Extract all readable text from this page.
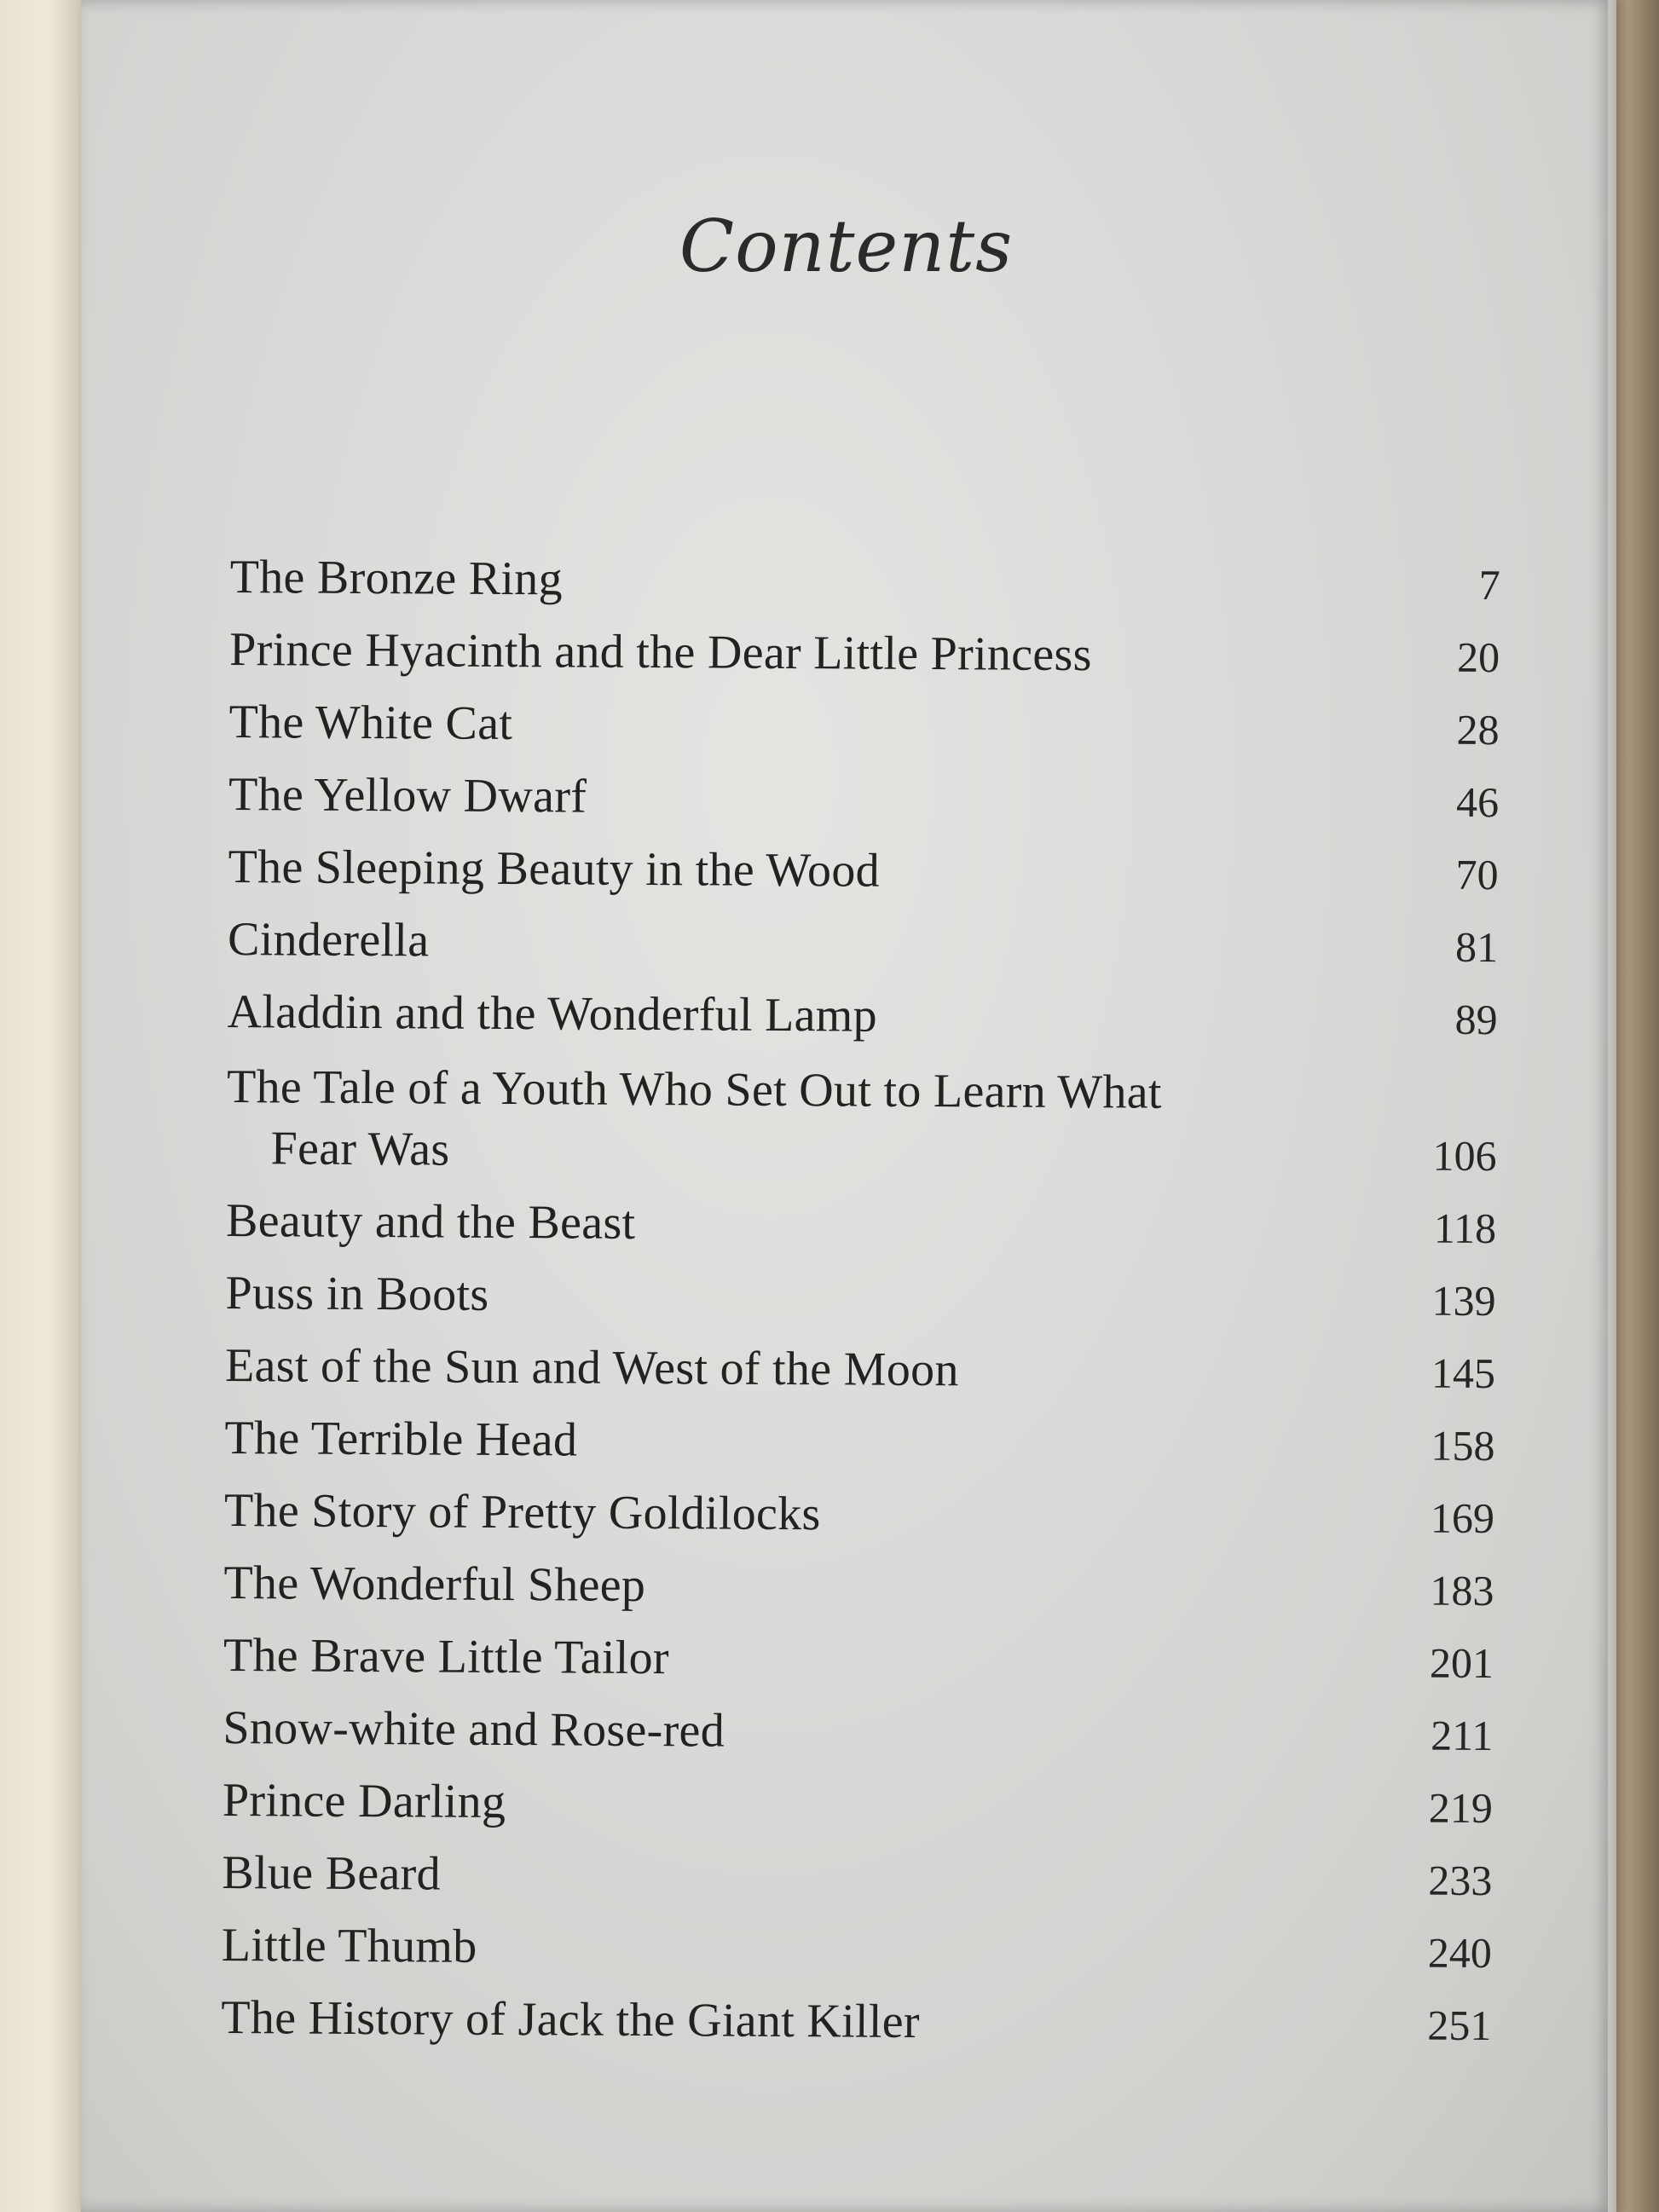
Contents
The Bronze Ring	7
Prince Hyacinth and the Dear Little Princess	20
The White Cat	28
The Yellow Dwarf	46
The Sleeping Beauty in the Wood	70
Cinderella	81
Aladdin and the Wonderful Lamp	89
The Tale of a Youth Who Set Out to Learn What
Fear Was	106
Beauty and the Beast	118
Puss in Boots	139
East of the Sun and West of the Moon	145
The Terrible Head	158
The Story of Pretty Goldilocks	169
The Wonderful Sheep	183
The Brave Little Tailor	201
Snow-white and Rose-red	211
Prince Darling	219
Blue Beard	233
Little Thumb	240
The History of Jack the Giant Killer	251
